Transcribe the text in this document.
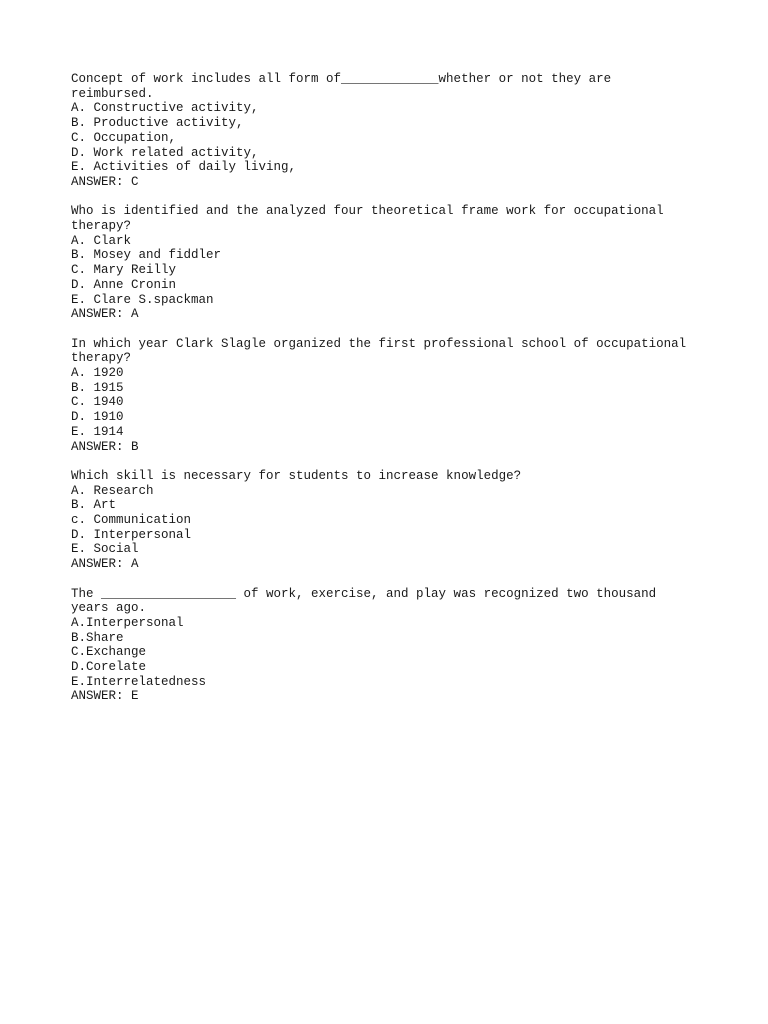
Concept of work includes all form of_____________whether or not they are
reimbursed.
A. Constructive activity,
B. Productive activity,
C. Occupation,
D. Work related activity,
E. Activities of daily living,
ANSWER: C
Who is identified and the analyzed four theoretical frame work for occupational
therapy?
A. Clark
B. Mosey and fiddler
C. Mary Reilly
D. Anne Cronin
E. Clare S.spackman
ANSWER: A
In which year Clark Slagle organized the first professional school of occupational
therapy?
A. 1920
B. 1915
C. 1940
D. 1910
E. 1914
ANSWER: B
Which skill is necessary for students to increase knowledge?
A. Research
B. Art
c. Communication
D. Interpersonal
E. Social
ANSWER: A
The __________________ of work, exercise, and play was recognized two thousand
years ago.
A.Interpersonal
B.Share
C.Exchange
D.Corelate
E.Interrelatedness
ANSWER: E
